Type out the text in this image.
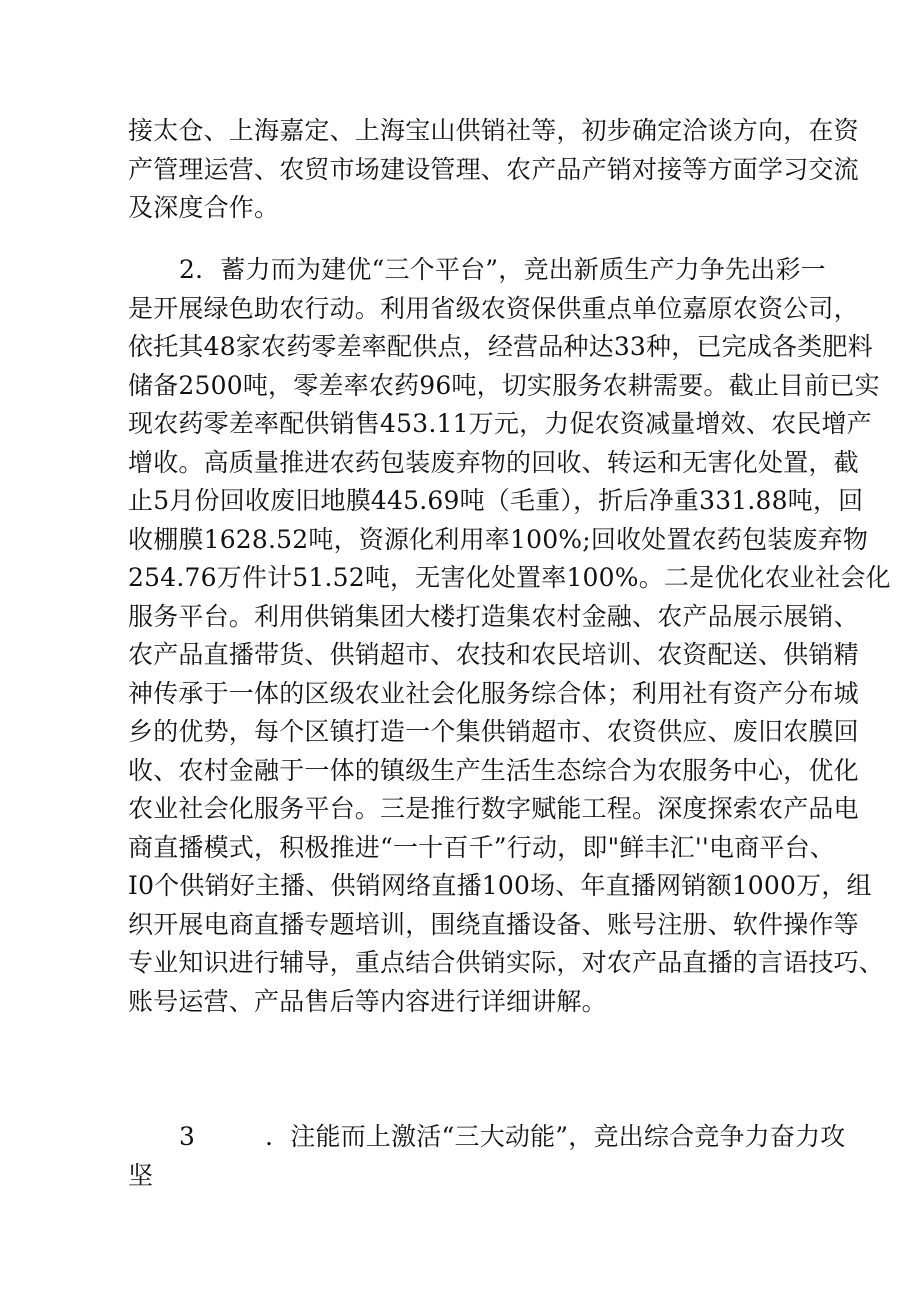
接太仓、上海嘉定、上海宝山供销社等，初步确定洽谈方向，在资
产管理运营、农贸市场建设管理、农产品产销对接等方面学习交流
及深度合作。
2．蓄力而为建优“三个平台”，竞出新质生产力争先出彩一
是开展绿色助农行动。利用省级农资保供重点单位嘉原农资公司，
依托其48家农药零差率配供点，经营品种达33种，已完成各类肥料
储备2500吨，零差率农药96吨，切实服务农耕需要。截止目前已实
现农药零差率配供销售453.11万元，力促农资减量增效、农民增产
增收。高质量推进农药包装废弃物的回收、转运和无害化处置，截
止5月份回收废旧地膜445.69吨（毛重），折后净重331.88吨，回
收棚膜1628.52吨，资源化利用率100%;回收处置农药包装废弃物
254.76万件计51.52吨，无害化处置率100%。二是优化农业社会化
服务平台。利用供销集团大楼打造集农村金融、农产品展示展销、
农产品直播带货、供销超市、农技和农民培训、农资配送、供销精
神传承于一体的区级农业社会化服务综合体；利用社有资产分布城
乡的优势，每个区镇打造一个集供销超市、农资供应、废旧农膜回
收、农村金融于一体的镇级生产生活生态综合为农服务中心，优化
农业社会化服务平台。三是推行数字赋能工程。深度探索农产品电
商直播模式，积极推进“一十百千”行动，即"鲜丰汇''电商平台、
I0个供销好主播、供销网络直播100场、年直播网销额1000万，组
织开展电商直播专题培训，围绕直播设备、账号注册、软件操作等
专业知识进行辅导，重点结合供销实际，对农产品直播的言语技巧、
账号运营、产品售后等内容进行详细讲解。
3	．注能而上激活“三大动能”，竞出综合竞争力奋力攻
坚
